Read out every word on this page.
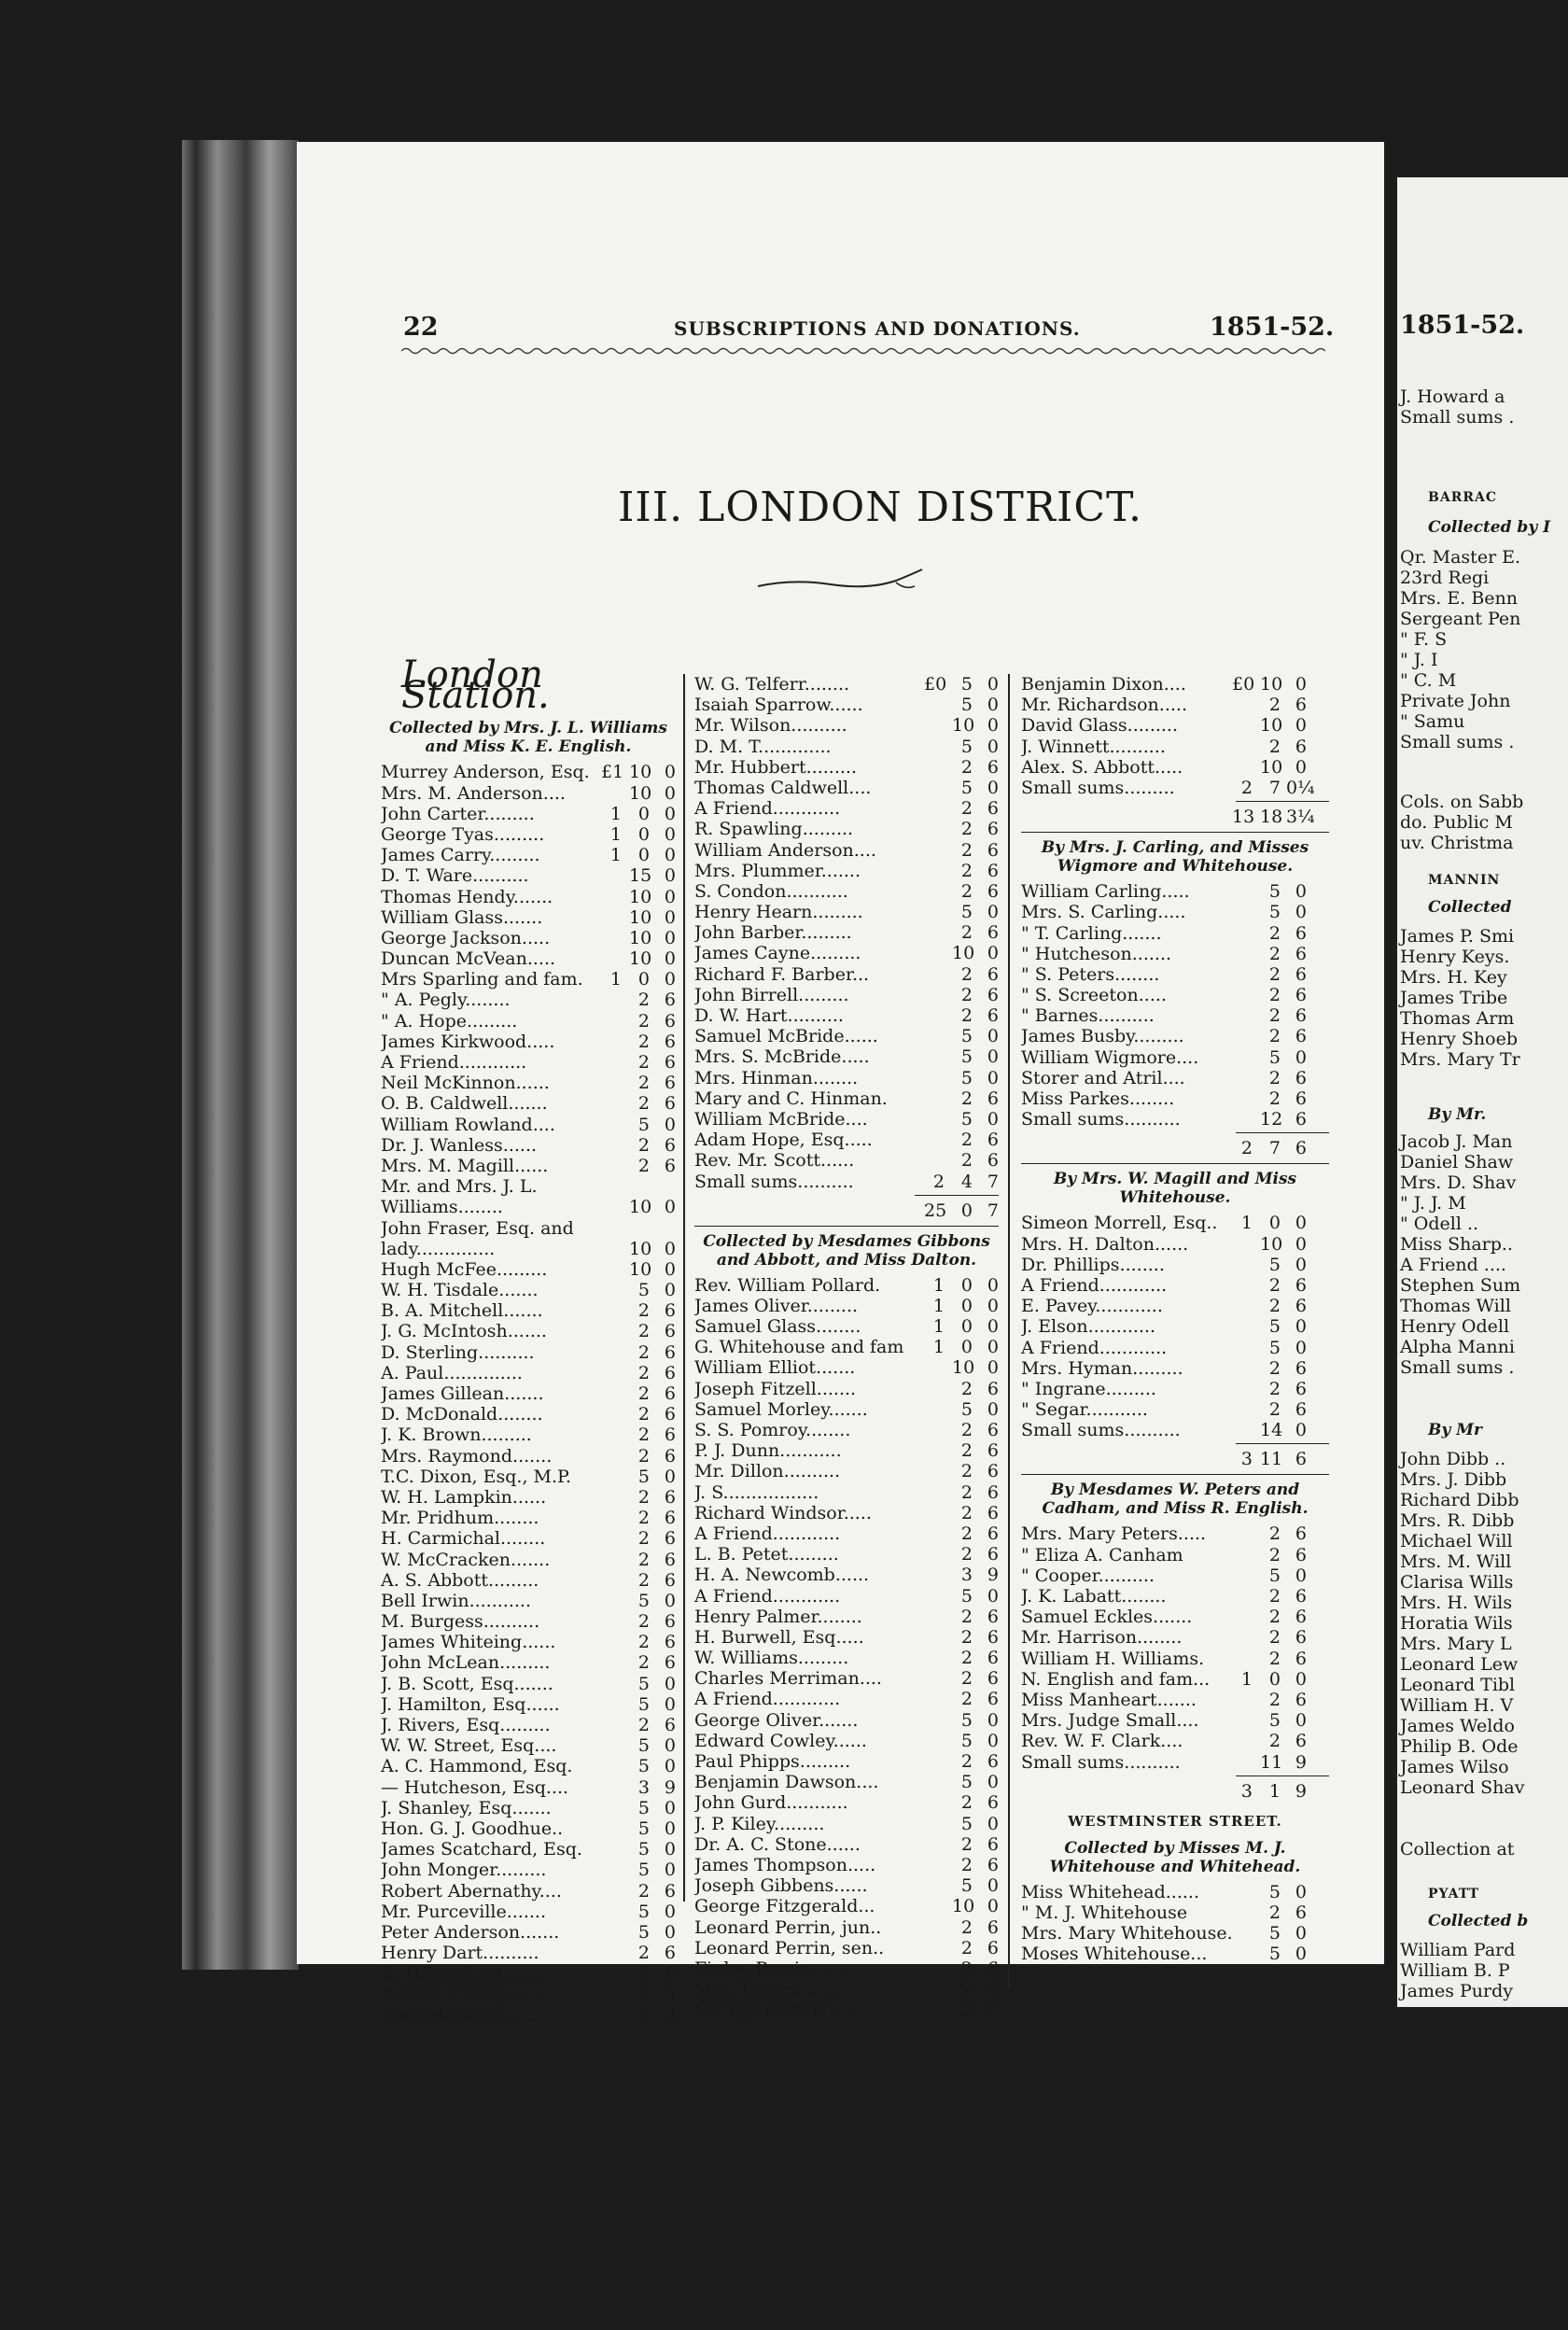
22	SUBSCRIPTIONS AND DONATIONS.	1851-52.
III. LONDON DISTRICT.
London Station.
Collected by Mrs. J. L. Williams and Miss K. E. English.
Murrey Anderson, Esq. £1 10 0
Mrs. M. Anderson....	10 0
John Carter.........	1 0 0
George Tyas.........	1 0 0
James Carry.........	1 0 0
D. T. Ware..........	15 0
Thomas Hendy.......	10 0
William Glass.......	10 0
George Jackson.....	10 0
Duncan McVean.....	10 0
Mrs Sparling and fam.	1 0 0
" A. Pegly........	2 6
" A. Hope.........	2 6
James Kirkwood.....	2 6
A Friend............	2 6
Neil McKinnon......	2 6
O. B. Caldwell.......	2 6
William Rowland....	5 0
Dr. J. Wanless......	2 6
Mrs. M. Magill......	2 6
Mr. and Mrs. J. L.
Williams........	10 0
John Fraser, Esq. and
lady..............	10 0
Hugh McFee.........	10 0
W. H. Tisdale.......	5 0
B. A. Mitchell.......	2 6
J. G. McIntosh.......	2 6
D. Sterling..........	2 6
A. Paul..............	2 6
James Gillean.......	2 6
D. McDonald........	2 6
J. K. Brown.........	2 6
Mrs. Raymond.......	2 6
T.C. Dixon, Esq., M.P.	5 0
W. H. Lampkin......	2 6
Mr. Pridhum........	2 6
H. Carmichal........	2 6
W. McCracken.......	2 6
A. S. Abbott.........	2 6
Bell Irwin...........	5 0
M. Burgess..........	2 6
James Whiteing......	2 6
John McLean.........	2 6
J. B. Scott, Esq.......	5 0
J. Hamilton, Esq......	5 0
J. Rivers, Esq.........	2 6
W. W. Street, Esq....	5 0
A. C. Hammond, Esq.	5 0
— Hutcheson, Esq....	3 9
J. Shanley, Esq.......	5 0
Hon. G. J. Goodhue..	5 0
James Scatchard, Esq.	5 0
John Monger.........	5 0
Robert Abernathy....	2 6
Mr. Purceville.......	5 0
Peter Anderson.......	5 0
Henry Dart..........	2 6
R. Hannaford........	2 6
Robert Diving.......	2 6
John McBride.......	5 0
W. G. Telferr........	£0 5 0
Isaiah Sparrow......	5 0
Mr. Wilson..........	10 0
D. M. T.............	5 0
Mr. Hubbert.........	2 6
Thomas Caldwell....	5 0
A Friend............	2 6
R. Spawling.........	2 6
William Anderson....	2 6
Mrs. Plummer.......	2 6
S. Condon...........	2 6
Henry Hearn.........	5 0
John Barber.........	2 6
James Cayne.........	10 0
Richard F. Barber...	2 6
John Birrell.........	2 6
D. W. Hart..........	2 6
Samuel McBride......	5 0
Mrs. S. McBride.....	5 0
Mrs. Hinman........	5 0
Mary and C. Hinman.	2 6
William McBride....	5 0
Adam Hope, Esq.....	2 6
Rev. Mr. Scott......	2 6
Small sums..........	2 4 7
25 0 7
Collected by Mesdames Gibbons and Abbott, and Miss Dalton.
Rev. William Pollard.	1 0 0
James Oliver.........	1 0 0
Samuel Glass........	1 0 0
G. Whitehouse and fam	1 0 0
William Elliot.......	10 0
Joseph Fitzell.......	2 6
Samuel Morley.......	5 0
S. S. Pomroy........	2 6
P. J. Dunn...........	2 6
Mr. Dillon..........	2 6
J. S.................	2 6
Richard Windsor.....	2 6
A Friend............	2 6
L. B. Petet.........	2 6
H. A. Newcomb......	3 9
A Friend............	5 0
Henry Palmer........	2 6
H. Burwell, Esq.....	2 6
W. Williams.........	2 6
Charles Merriman....	2 6
A Friend............	2 6
George Oliver.......	5 0
Edward Cowley......	5 0
Paul Phipps.........	2 6
Benjamin Dawson....	5 0
John Gurd...........	2 6
J. P. Kiley.........	5 0
Dr. A. C. Stone......	2 6
James Thompson.....	2 6
Joseph Gibbens......	5 0
George Fitzgerald...	10 0
Leonard Perrin, jun..	2 6
Leonard Perrin, sen..	2 6
Finley Perrin.......	2 6
Mrs. Farley.........	2 6
George Cottrell.....	2 6
Benjamin Dixon....	£0 10 0
Mr. Richardson.....	2 6
David Glass.........	10 0
J. Winnett..........	2 6
Alex. S. Abbott.....	10 0
Small sums.........	2 7 0¼
13 18 3¼
By Mrs. J. Carling, and Misses Wigmore and Whitehouse.
William Carling.....	5 0
Mrs. S. Carling.....	5 0
" T. Carling.......	2 6
" Hutcheson.......	2 6
" S. Peters........	2 6
" S. Screeton.....	2 6
" Barnes..........	2 6
James Busby.........	2 6
William Wigmore....	5 0
Storer and Atril....	2 6
Miss Parkes........	2 6
Small sums..........	12 6
2 7 6
By Mrs. W. Magill and Miss Whitehouse.
Simeon Morrell, Esq..	1 0 0
Mrs. H. Dalton......	10 0
Dr. Phillips........	5 0
A Friend............	2 6
E. Pavey............	2 6
J. Elson............	5 0
A Friend............	5 0
Mrs. Hyman.........	2 6
" Ingrane.........	2 6
" Segar...........	2 6
Small sums..........	14 0
3 11 6
By Mesdames W. Peters and Cadham, and Miss R. English.
Mrs. Mary Peters.....	2 6
" Eliza A. Canham	2 6
" Cooper..........	5 0
J. K. Labatt........	2 6
Samuel Eckles.......	2 6
Mr. Harrison........	2 6
William H. Williams.	2 6
N. English and fam...	1 0 0
Miss Manheart.......	2 6
Mrs. Judge Small....	5 0
Rev. W. F. Clark....	2 6
Small sums..........	11 9
3 1 9
WESTMINSTER STREET.
Collected by Misses M. J. Whitehouse and Whitehead.
Miss Whitehead......	5 0
" M. J. Whitehouse	2 6
Mrs. Mary Whitehouse.	5 0
Moses Whitehouse...	5 0
1851-52.
J. Howard a
Small sums .
BARRAC
Collected by I
Qr. Master E.
23rd Regi
Mrs. E. Benn
Sergeant Pen
" F. S
" J. I
" C. M
Private John
" Samu
Small sums .
Cols. on Sabb
do. Public M
uv. Christma
MANNIN
Collected
James P. Smi
Henry Keys.
Mrs. H. Key
James Tribe
Thomas Arm
Henry Shoeb
Mrs. Mary Tr
By Mr.
Jacob J. Man
Daniel Shaw
Mrs. D. Shav
" J. J. M
" Odell ..
Miss Sharp..
A Friend ....
Stephen Sum
Thomas Will
Henry Odell
Alpha Manni
Small sums .
By Mr
John Dibb ..
Mrs. J. Dibb
Richard Dibb
Mrs. R. Dibb
Michael Will
Mrs. M. Will
Clarisa Wills
Mrs. H. Wils
Horatia Wils
Mrs. Mary L
Leonard Lew
Leonard Tibl
William H. V
James Weldo
Philip B. Ode
James Wilso
Leonard Shav
Collection at
PYATT
Collected b
William Pard
William B. P
James Purdy
